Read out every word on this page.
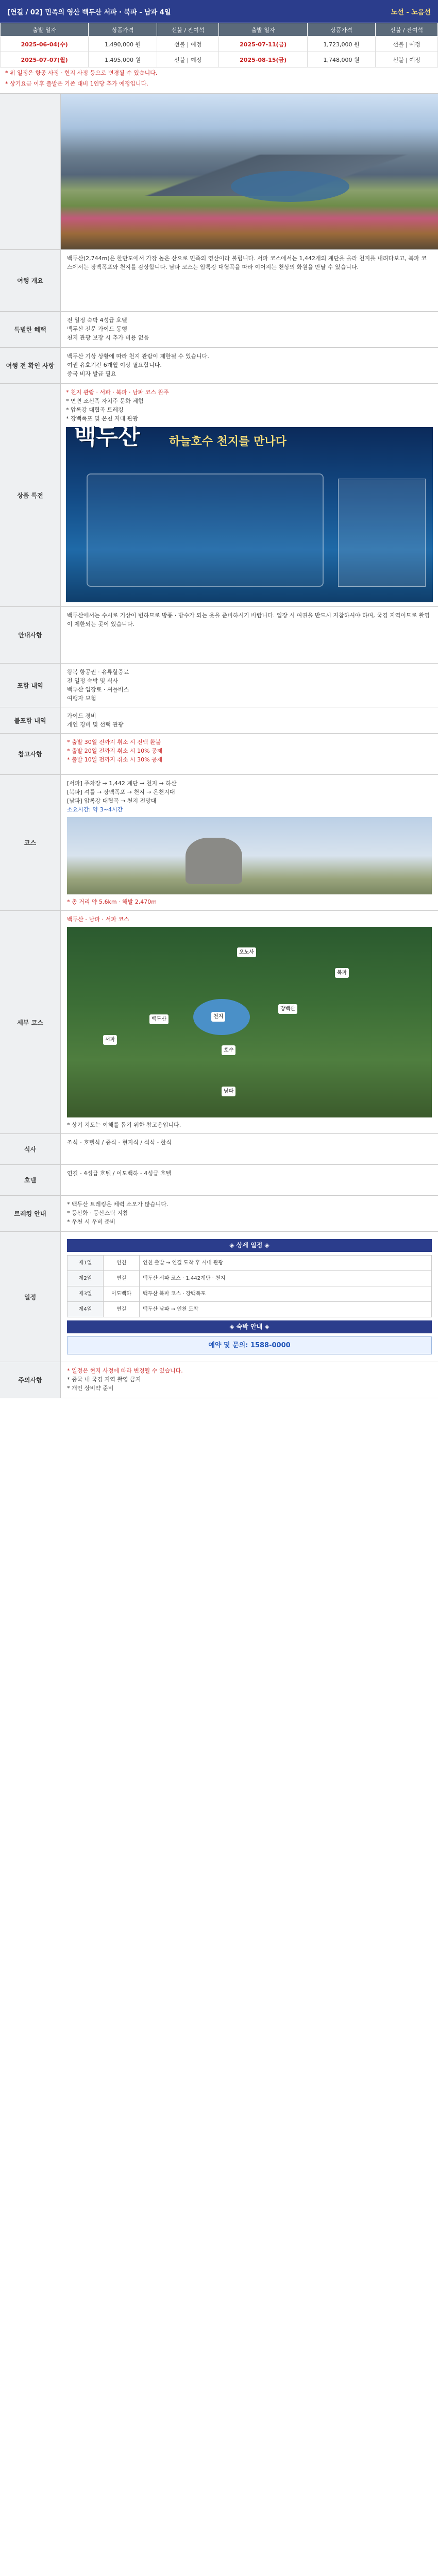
[연길 / 02] 민족의 영산 백두산 서파 · 북파 - 남파 4일	노선 - 노음선
출발 일자	상품가격	선불 / 잔여석	출발 일자	상품가격	선불 / 잔여석
2025-06-04(수)	1,490,000 원	선불 | 예정	2025-07-11(금)	1,723,000 원	선불 | 예정
2025-07-07(월)	1,495,000 원	선불 | 예정	2025-08-15(금)	1,748,000 원	선불 | 예정
* 위 일정은 항공 사정 · 현지 사정 등으로 변경될 수 있습니다.
* 상기요금 이후 출발은 기존 대비 1인당 추가 예정입니다.
여행 개요

백두산(2,744m)은 한반도에서 가장 높은 산으로 민족의 영산이라 불립니다. 서파 코스에서는 1,442개의 계단을 올라 천지를 내려다보고, 북파 코스에서는 장백폭포와 천지를 감상합니다. 남파 코스는 압록강 대협곡을 따라 이어지는 천상의 화원을 만날 수 있습니다.

특별한 혜택

전 일정 숙박 4성급 호텔

백두산 전문 가이드 동행

천지 관광 보장 시 추가 비용 없음

여행 전 확인 사항

백두산 기상 상황에 따라 천지 관람이 제한될 수 있습니다.

여권 유효기간 6개월 이상 필요합니다.

중국 비자 발급 필요

상품 특전

* 천지 관람 · 서파 · 북파 · 남파 코스 완주

* 연변 조선족 자치주 문화 체험

* 압록강 대협곡 트레킹

* 장백폭포 및 온천 지대 관광

백두산	하늘호수 천지를 만나다
안내사항

백두산에서는 수시로 기상이 변하므로 방풍 · 방수가 되는 옷을 준비하시기 바랍니다. 입장 시 여권을 반드시 지참하셔야 하며, 국경 지역이므로 촬영이 제한되는 곳이 있습니다.

포함 내역

왕복 항공권 · 유류할증료

전 일정 숙박 및 식사

백두산 입장료 · 셔틀버스

여행자 보험

불포함 내역

가이드 경비

개인 경비 및 선택 관광

참고사항

* 출발 30일 전까지 취소 시 전액 환불

* 출발 20일 전까지 취소 시 10% 공제

* 출발 10일 전까지 취소 시 30% 공제

코스

[서파] 주차장 → 1,442 계단 → 천지 → 하산

[북파] 셔틀 → 장백폭포 → 천지 → 온천지대

[남파] 압록강 대협곡 → 천지 전망대

소요시간: 약 3~4시간

* 총 거리 약 5.6km · 해발 2,470m

세부 코스

백두산 - 남파 · 서파 코스

오노사
서파
백두산	천지
장백산
호수
북파
남파

* 상기 지도는 이해를 돕기 위한 참고용입니다.

식사

조식 - 호텔식 / 중식 - 현지식 / 석식 - 한식

호텔

연길 - 4성급 호텔 / 이도백하 - 4성급 호텔

트레킹 안내

* 백두산 트레킹은 체력 소모가 많습니다.

* 등산화 · 등산스틱 지참

* 우천 시 우비 준비

일정
◈ 상세 일정 ◈
제1일	인천	인천 출발 → 연길 도착 후 시내 관광
제2일	연길	백두산 서파 코스 · 1,442계단 · 천지
제3일	이도백하	백두산 북파 코스 · 장백폭포
제4일	연길	백두산 남파 → 인천 도착
◈ 숙박 안내 ◈
예약 및 문의: 1588-0000
주의사항

* 일정은 현지 사정에 따라 변경될 수 있습니다.

* 중국 내 국경 지역 촬영 금지

* 개인 상비약 준비
